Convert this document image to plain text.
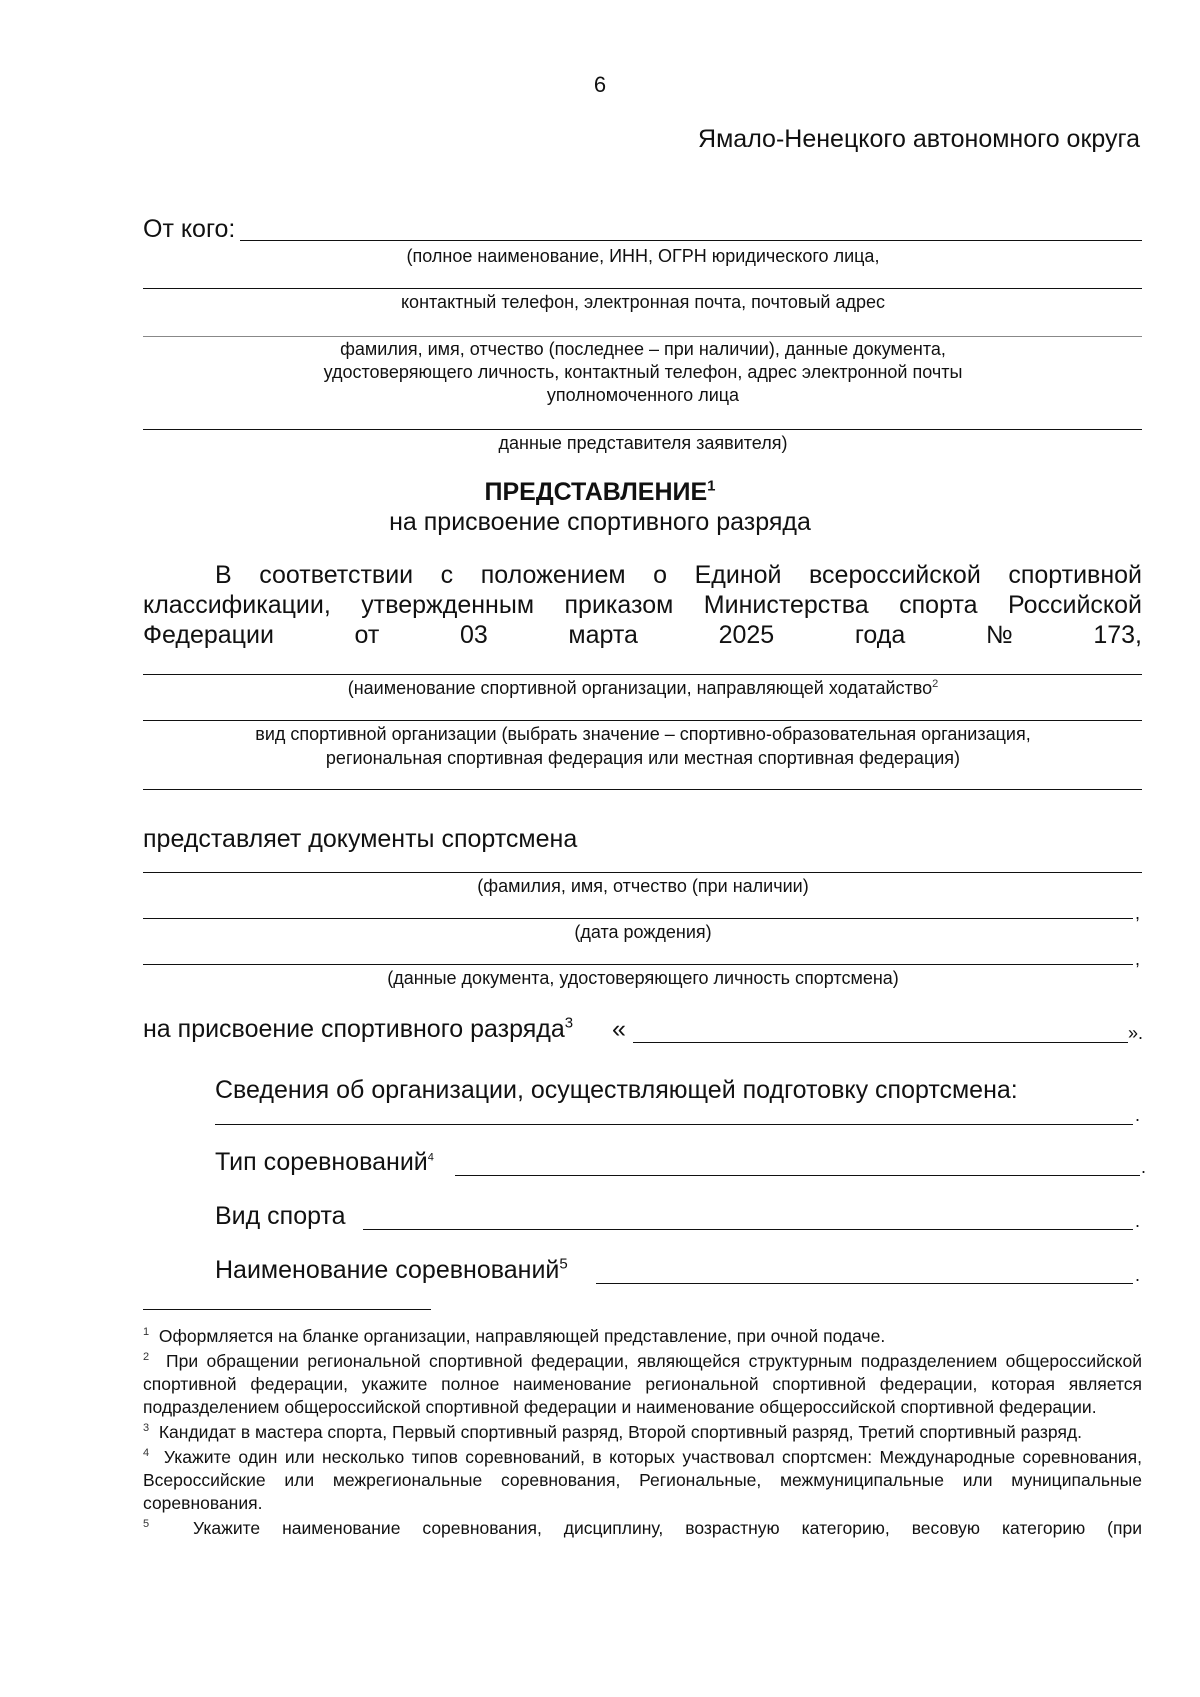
6
Ямало-Ненецкого автономного округа
От кого:
(полное наименование, ИНН, ОГРН юридического лица,
контактный телефон, электронная почта, почтовый адрес
фамилия, имя, отчество (последнее – при наличии), данные документа,
удостоверяющего личность, контактный телефон, адрес электронной почты
уполномоченного лица
данные представителя заявителя)
ПРЕДСТАВЛЕНИЕ$^1$
на присвоение спортивного разряда
В соответствии с положением о Единой всероссийской спортивной
классификации, утвержденным приказом Министерства спорта Российской
Федерации	от	03	марта	2025	года	№	173,
(наименование спортивной организации, направляющей ходатайство$^2$
вид спортивной организации (выбрать значение – спортивно-образовательная организация,
региональная спортивная федерация или местная спортивная федерация)
представляет документы спортсмена
(фамилия, имя, отчество (при наличии)
,
(дата рождения)
,
(данные документа, удостоверяющего личность спортсмена)
на присвоение спортивного разряда$^3$ «	».
Сведения об организации, осуществляющей подготовку спортсмена:
.
Тип соревнований$^4$	.
Вид спорта	.
Наименование соревнований$^5$
.
$^1$ Оформляется на бланке организации, направляющей представление, при очной подаче.
$^2$ При обращении региональной спортивной федерации, являющейся структурным подразделением общероссийской спортивной федерации, укажите полное наименование региональной спортивной федерации, которая является подразделением общероссийской спортивной федерации и наименование общероссийской спортивной федерации.
$^3$ Кандидат в мастера спорта, Первый спортивный разряд, Второй спортивный разряд, Третий спортивный разряд.
$^4$ Укажите один или несколько типов соревнований, в которых участвовал спортсмен: Международные соревнования, Всероссийские или межрегиональные соревнования, Региональные, межмуниципальные или муниципальные соревнования.
$^5$	Укажите наименование соревнования, дисциплину, возрастную категорию, весовую категорию (при
